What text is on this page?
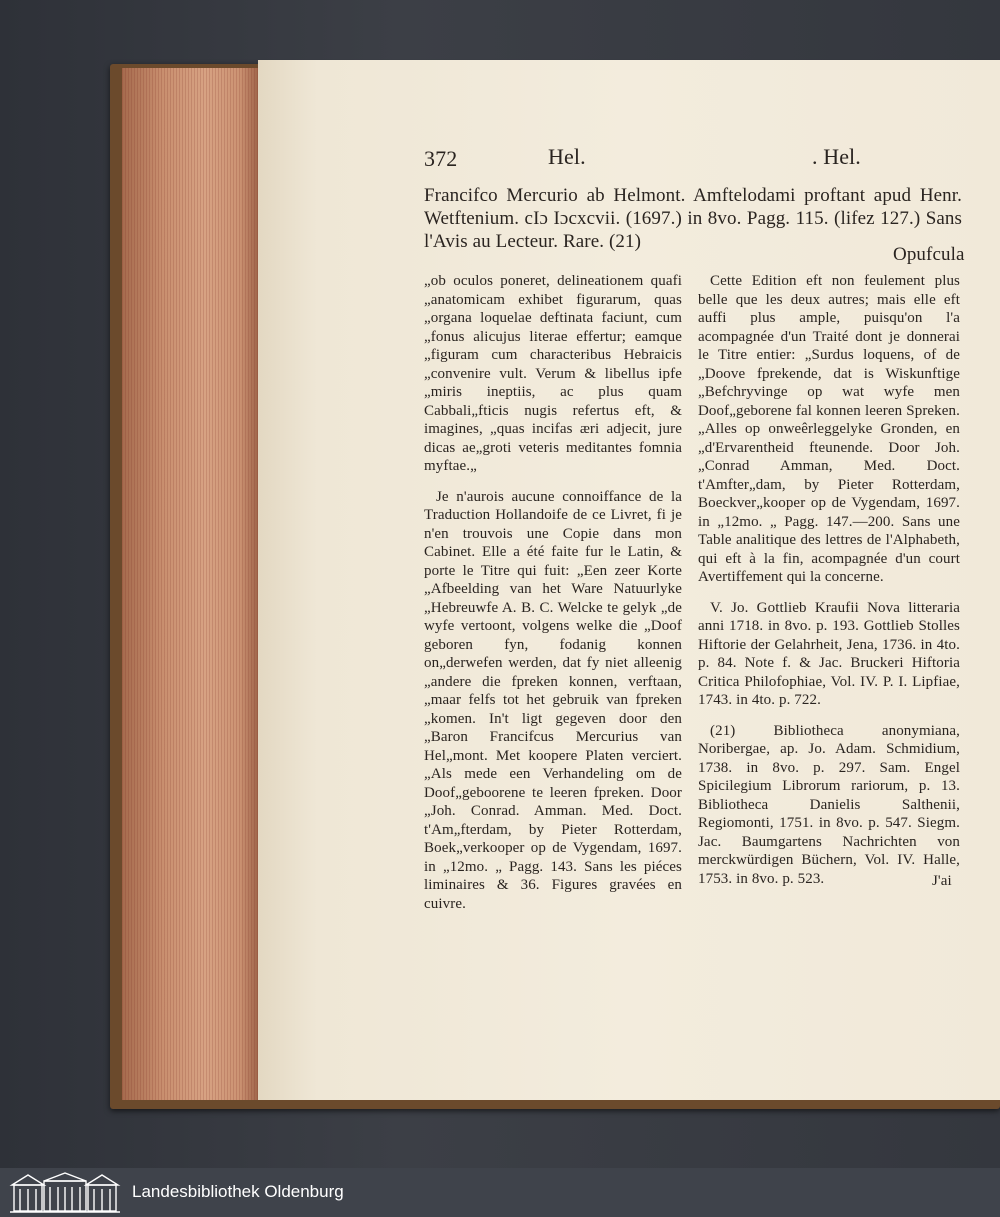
372	Hel.	. Hel.
Francifco Mercurio ab Helmont. Amftelodami proftant apud Henr. Wetftenium. cIɔ Iɔcxcvii. (1697.) in 8vo. Pagg. 115. (lifez 127.) Sans l'Avis au Lecteur. Rare. (21)
Opufcula

„ob oculos poneret, delineationem quafi „anatomicam exhibet figurarum, quas „organa loquelae deftinata faciunt, cum „fonus alicujus literae effertur; eamque „figuram cum characteribus Hebraicis „convenire vult. Verum & libellus ipfe „miris ineptiis, ac plus quam Cabbali„fticis nugis refertus eft, & imagines, „quas incifas æri adjecit, jure dicas ae„groti veteris meditantes fomnia myftae.„

Je n'aurois aucune connoiffance de la Traduction Hollandoife de ce Livret, fi je n'en trouvois une Copie dans mon Cabinet. Elle a été faite fur le Latin, & porte le Titre qui fuit: „Een zeer Korte „Afbeelding van het Ware Natuurlyke „Hebreuwfe A. B. C. Welcke te gelyk „de wyfe vertoont, volgens welke die „Doof geboren fyn, fodanig konnen on„derwefen werden, dat fy niet alleenig „andere die fpreken konnen, verftaan, „maar felfs tot het gebruik van fpreken „komen. In't ligt gegeven door den „Baron Francifcus Mercurius van Hel„mont. Met koopere Platen verciert. „Als mede een Verhandeling om de Doof„geboorene te leeren fpreken. Door „Joh. Conrad. Amman. Med. Doct. t'Am„fterdam, by Pieter Rotterdam, Boek„verkooper op de Vygendam, 1697. in „12mo. „ Pagg. 143. Sans les piéces liminaires & 36. Figures gravées en cuivre.

Cette Edition eft non feulement plus belle que les deux autres; mais elle eft auffi plus ample, puisqu'on l'a acompagnée d'un Traité dont je donnerai le Titre entier: „Surdus loquens, of de „Doove fprekende, dat is Wiskunftige „Befchryvinge op wat wyfe men Doof„geborene fal konnen leeren Spreken. „Alles op onweêrleggelyke Gronden, en „d'Ervarentheid fteunende. Door Joh. „Conrad Amman, Med. Doct. t'Amfter„dam, by Pieter Rotterdam, Boeckver„kooper op de Vygendam, 1697. in „12mo. „ Pagg. 147.—200. Sans une Table analitique des lettres de l'Alphabeth, qui eft à la fin, acompagnée d'un court Avertiffement qui la concerne.

V. Jo. Gottlieb Kraufii Nova litteraria anni 1718. in 8vo. p. 193. Gottlieb Stolles Hiftorie der Gelahrheit, Jena, 1736. in 4to. p. 84. Note f. & Jac. Bruckeri Hiftoria Critica Philofophiae, Vol. IV. P. I. Lipfiae, 1743. in 4to. p. 722.

(21) Bibliotheca anonymiana, Noribergae, ap. Jo. Adam. Schmidium, 1738. in 8vo. p. 297. Sam. Engel Spicilegium Librorum rariorum, p. 13. Bibliotheca Danielis Salthenii, Regiomonti, 1751. in 8vo. p. 547. Siegm. Jac. Baumgartens Nachrichten von merckwürdigen Büchern, Vol. IV. Halle, 1753. in 8vo. p. 523.	J'ai
Landesbibliothek Oldenburg
